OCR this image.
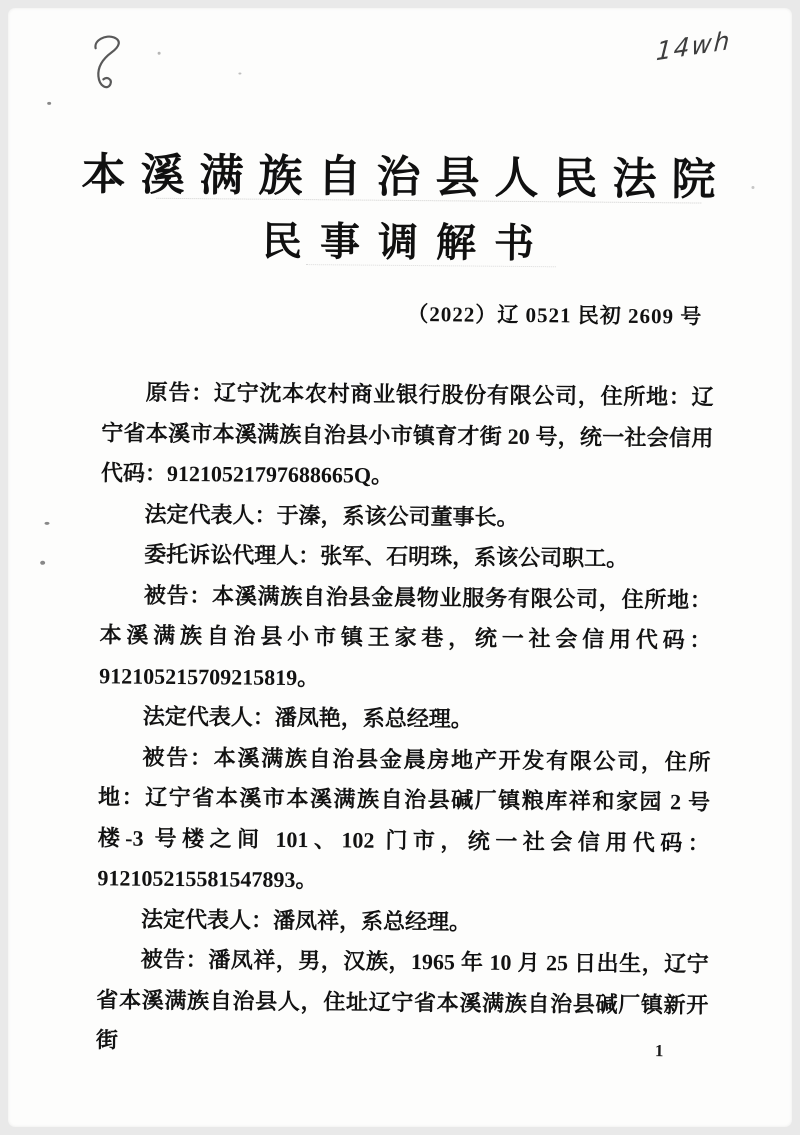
14wh
本溪满族自治县人民法院
民事调解书
（2022）辽 0521 民初 2609 号

原告：辽宁沈本农村商业银行股份有限公司，住所地：辽宁省本溪市本溪满族自治县小市镇育才街 20 号，统一社会信用代码：91210521797688665Q。

法定代表人：于溱，系该公司董事长。

委托诉讼代理人：张军、石明珠，系该公司职工。

被告：本溪满族自治县金晨物业服务有限公司，住所地：本溪满族自治县小市镇王家巷，统一社会信用代码：912105215709215819。

法定代表人：潘凤艳，系总经理。

被告：本溪满族自治县金晨房地产开发有限公司，住所地：辽宁省本溪市本溪满族自治县碱厂镇粮库祥和家园 2 号楼-3 号楼之间 101、102 门市，统一社会信用代码：912105215581547893。

法定代表人：潘凤祥，系总经理。

被告：潘凤祥，男，汉族，1965 年 10 月 25 日出生，辽宁省本溪满族自治县人，住址辽宁省本溪满族自治县碱厂镇新开街	1
